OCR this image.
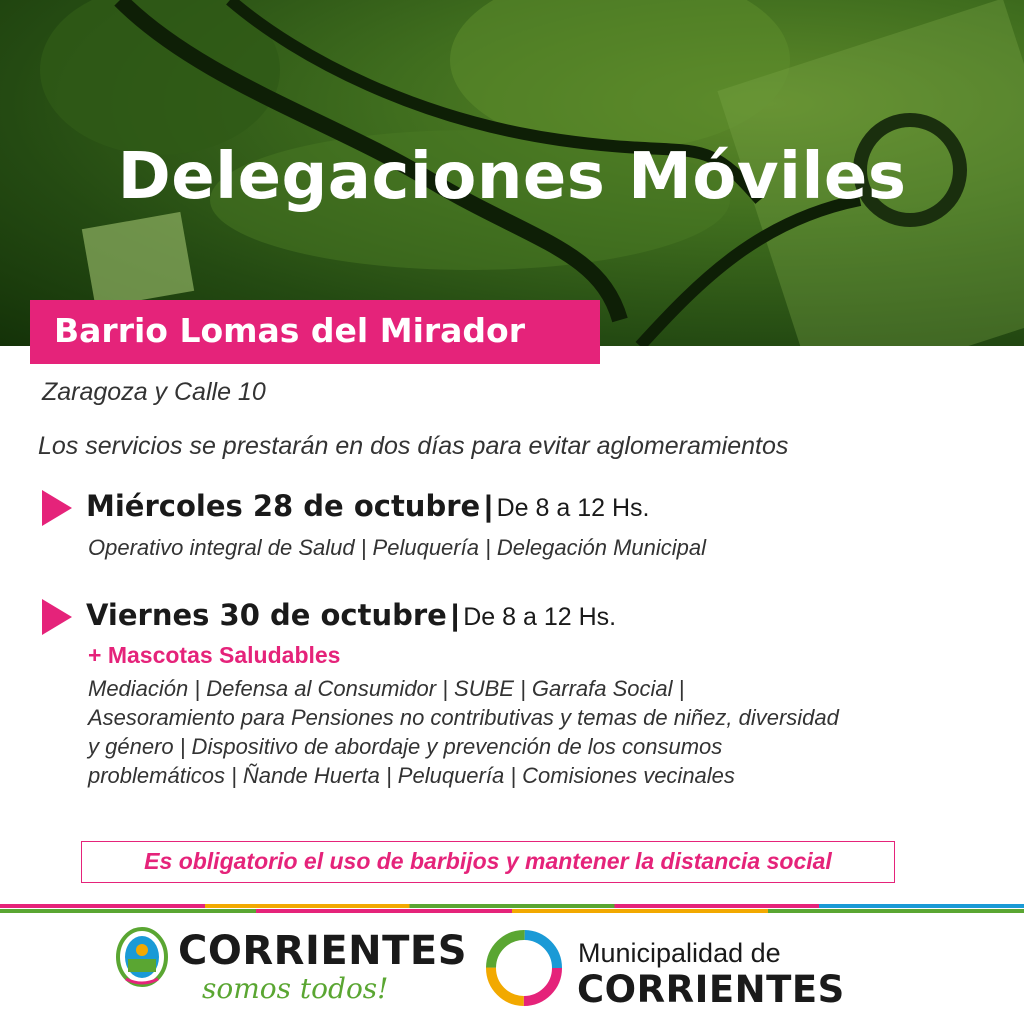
Delegaciones Móviles
Barrio Lomas del Mirador
Zaragoza y Calle 10
Los servicios se prestarán en dos días para evitar aglomeramientos
Miércoles 28 de octubre | De 8 a 12 Hs.
Operativo integral de Salud | Peluquería | Delegación Municipal
Viernes 30 de octubre | De 8 a 12 Hs.
+ Mascotas Saludables
Mediación | Defensa al Consumidor | SUBE | Garrafa Social |
Asesoramiento para Pensiones no contributivas y temas de niñez, diversidad
y género | Dispositivo de abordaje y prevención de los consumos
problemáticos | Ñande Huerta | Peluquería | Comisiones vecinales
Es obligatorio el uso de barbijos y mantener la distancia social
CORRIENTES
somos todos!
Municipalidad de
CORRIENTES
